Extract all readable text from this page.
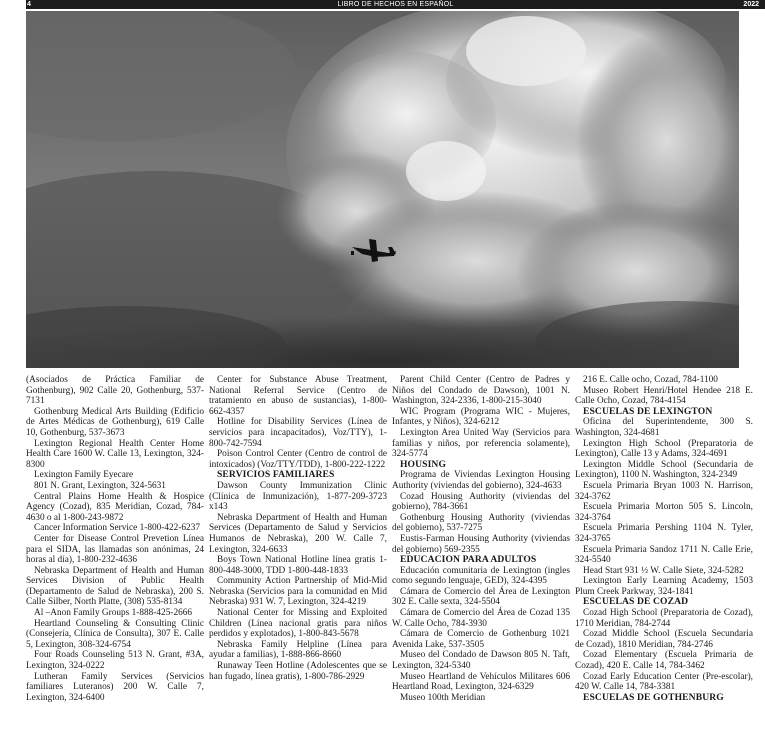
4	LIBRO DE HECHOS EN ESPAÑOL	2022
(Asociados de Práctica Familiar de Gothenburg), 902 Calle 20, Gothenburg, 537-7131
Gothenburg Medical Arts Building (Edificio de Artes Médicas de Gothenburg), 619 Calle 10, Gothenburg, 537-3673
Lexington Regional Health Center Home Health Care 1600 W. Calle 13, Lexington, 324-8300
Lexington Family Eyecare
801 N. Grant, Lexington, 324-5631
Central Plains Home Health & Hospice Agency (Cozad), 835 Meridian, Cozad, 784-4630 o al 1-800-243-9872
Cancer Information Service 1-800-422-6237
Center for Disease Control Prevetion Línea para el SIDA, las llamadas son anónimas, 24 horas al día), 1-800-232-4636
Nebraska Department of Health and Human Services Division of Public Health (Departamento de Salud de Nebraska), 200 S. Calle Silber, North Platte, (308) 535-8134
Al –Anon Family Groups 1-888-425-2666
Heartland Counseling & Consulting Clinic (Consejería, Clínica de Consulta), 307 E. Calle 5, Lexington, 308-324-6754
Four Roads Counseling 513 N. Grant, #3A, Lexington, 324-0222
Lutheran Family Services (Servicios familiares Luteranos) 200 W. Calle 7, Lexington, 324-6400
Center for Substance Abuse Treatment, National Referral Service (Centro de tratamiento en abuso de sustancias), 1-800-662-4357
Hotline for Disability Services (Línea de servicios para incapacitados), Voz/TTY), 1-800-742-7594
Poison Control Center (Centro de control de intoxicados) (Voz/TTY/TDD), 1-800-222-1222
SERVICIOS FAMILIARES
Dawson County Immunization Clinic (Clínica de Inmunización), 1-877-209-3723 x143
Nebraska Department of Health and Human Services (Departamento de Salud y Servicios Humanos de Nebraska), 200 W. Calle 7, Lexington, 324-6633
Boys Town National Hotline línea gratis 1-800-448-3000, TDD 1-800-448-1833
Community Action Partnership of Mid-Mid Nebraska (Servicios para la comunidad en Mid Nebraska) 931 W. 7, Lexington, 324-4219
National Center for Missing and Exploited Children (Línea nacional gratis para niños perdidos y explotados), 1-800-843-5678
Nebraska Family Helpline (Línea para ayudar a familias), 1-888-866-8660
Runaway Teen Hotline (Adolescentes que se han fugado, línea gratis), 1-800-786-2929
Parent Child Center (Centro de Padres y Niños del Condado de Dawson), 1001 N. Washington, 324-2336, 1-800-215-3040
WIC Program (Programa WIC - Mujeres, Infantes, y Niños), 324-6212
Lexington Area United Way (Servicios para familias y niños, por referencia solamente), 324-5774
HOUSING
Programa de Viviendas Lexington Housing Authority (viviendas del gobierno), 324-4633
Cozad Housing Authority (viviendas del gobierno), 784-3661
Gothenburg Housing Authority (viviendas del gobierno), 537-7275
Eustis-Farman Housing Authority (viviendas del gobierno) 569-2355
EDUCACION PARA ADULTOS
Educación comunitaria de Lexington (ingles como segundo lenguaje, GED), 324-4395
Cámara de Comercio del Área de Lexington 302 E. Calle sexta, 324-5504
Cámara de Comercio del Área de Cozad 135 W. Calle Ocho, 784-3930
Cámara de Comercio de Gothenburg 1021 Avenida Lake, 537-3505
Museo del Condado de Dawson 805 N. Taft, Lexington, 324-5340
Museo Heartland de Vehículos Militares 606 Heartland Road, Lexington, 324-6329
Museo 100th Meridian
216 E. Calle ocho, Cozad, 784-1100
Museo Robert Henri/Hotel Hendee 218 E. Calle Ocho, Cozad, 784-4154
ESCUELAS DE LEXINGTON
Oficina del Superintendente, 300 S. Washington, 324-4681
Lexington High School (Preparatoria de Lexington), Calle 13 y Adams, 324-4691
Lexington Middle School (Secundaria de Lexington), 1100 N. Washington, 324-2349
Escuela Primaria Bryan 1003 N. Harrison, 324-3762
Escuela Primaria Morton 505 S. Lincoln, 324-3764
Escuela Primaria Pershing 1104 N. Tyler, 324-3765
Escuela Primaria Sandoz 1711 N. Calle Erie, 324-5540
Head Start 931 ½ W. Calle Siete, 324-5282
Lexington Early Learning Academy, 1503 Plum Creek Parkway, 324-1841
ESCUELAS DE COZAD
Cozad High School (Preparatoria de Cozad), 1710 Meridian, 784-2744
Cozad Middle School (Escuela Secundaria de Cozad), 1810 Meridian, 784-2746
Cozad Elementary (Escuela Primaria de Cozad), 420 E. Calle 14, 784-3462
Cozad Early Education Center (Pre-escolar), 420 W. Calle 14, 784-3381
ESCUELAS DE GOTHENBURG
